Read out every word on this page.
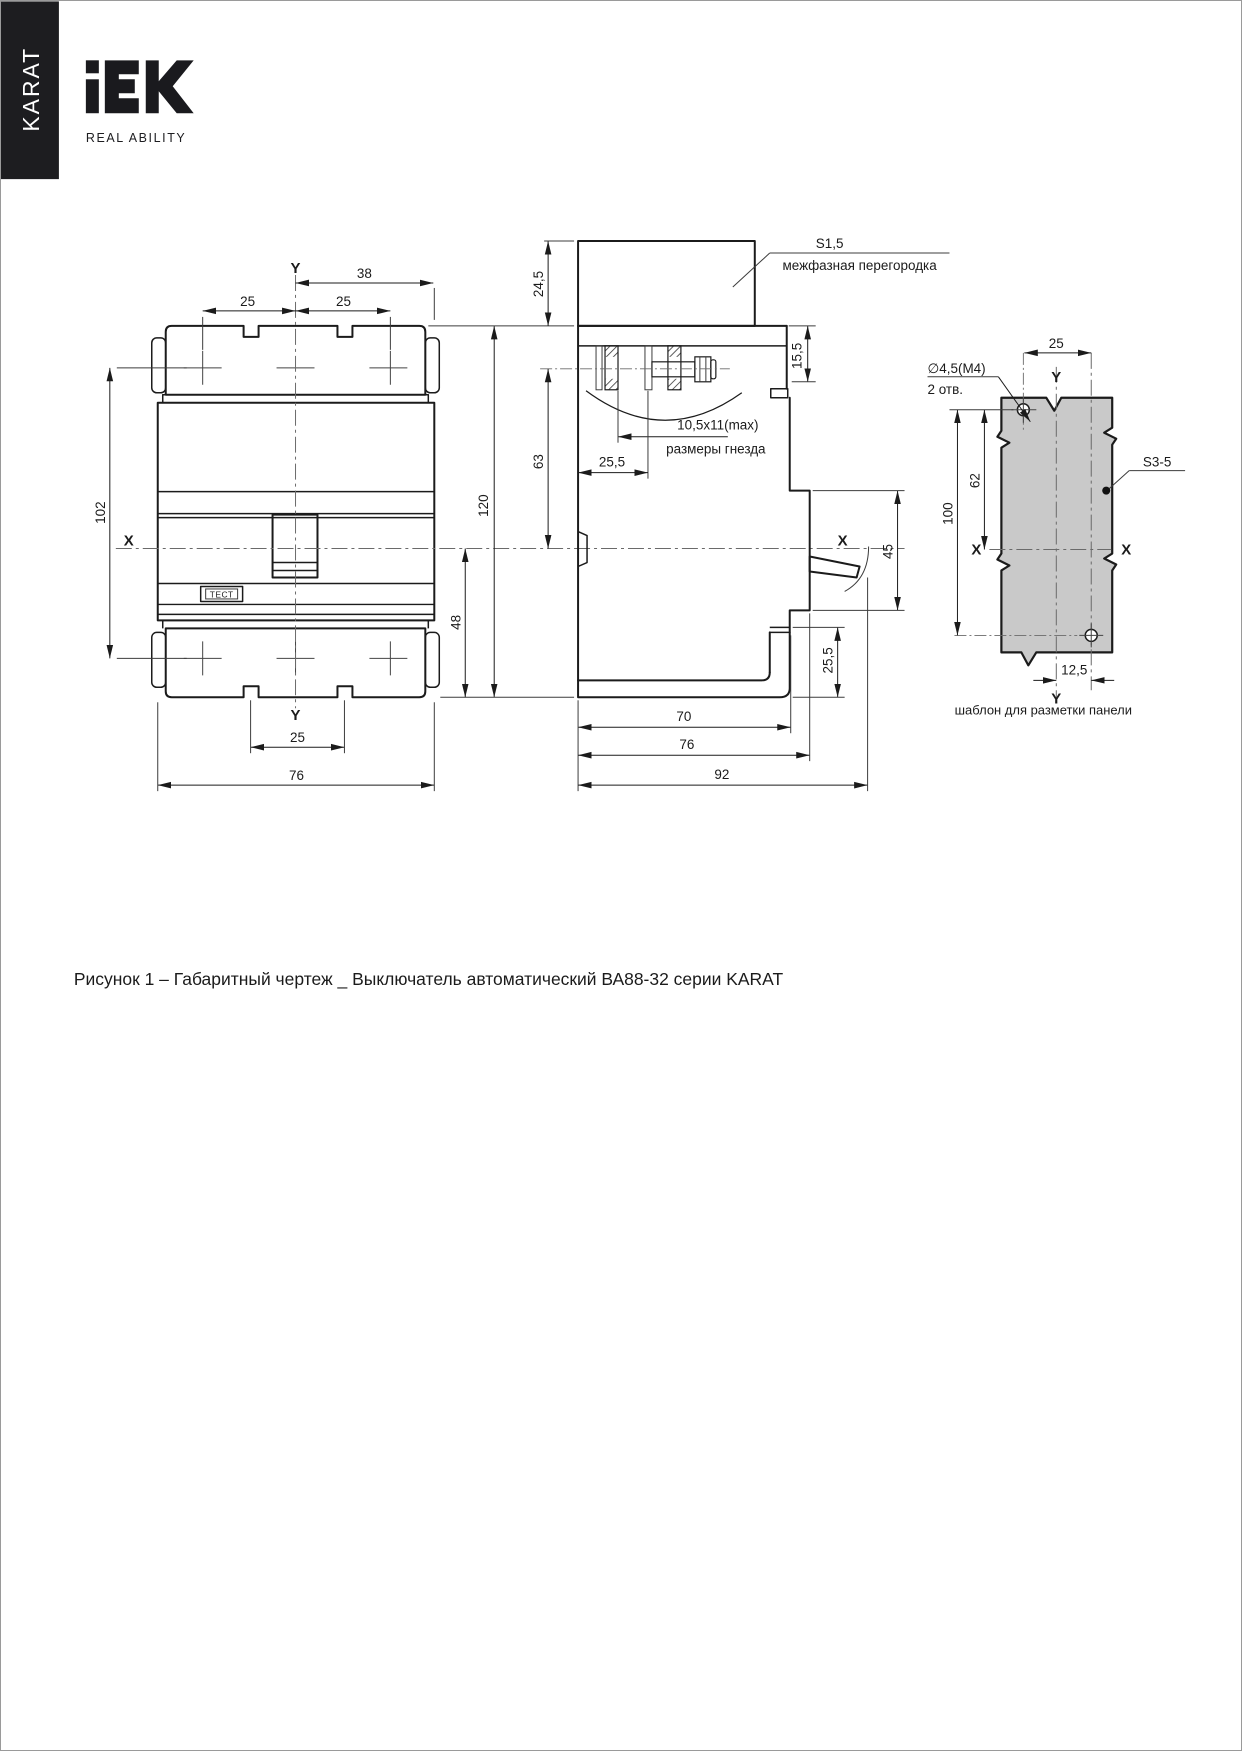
KARAT
REAL ABILITY
ТЕСТ
38
25	25
102	120
48
25
76
Y
Y
X
S1,5
межфазная перегородка
24,5
15,5
63
10,5x11(max)
размеры гнезда
25,5
45
25,5
70
76
92
X
∅4,5(M4)
2 отв.
S3-5
25
62
100
12,5
Y
Y
X	X
шаблон для разметки панели
Рисунок 1 – Габаритный чертеж _ Выключатель автоматический ВА88-32 серии KARAT
